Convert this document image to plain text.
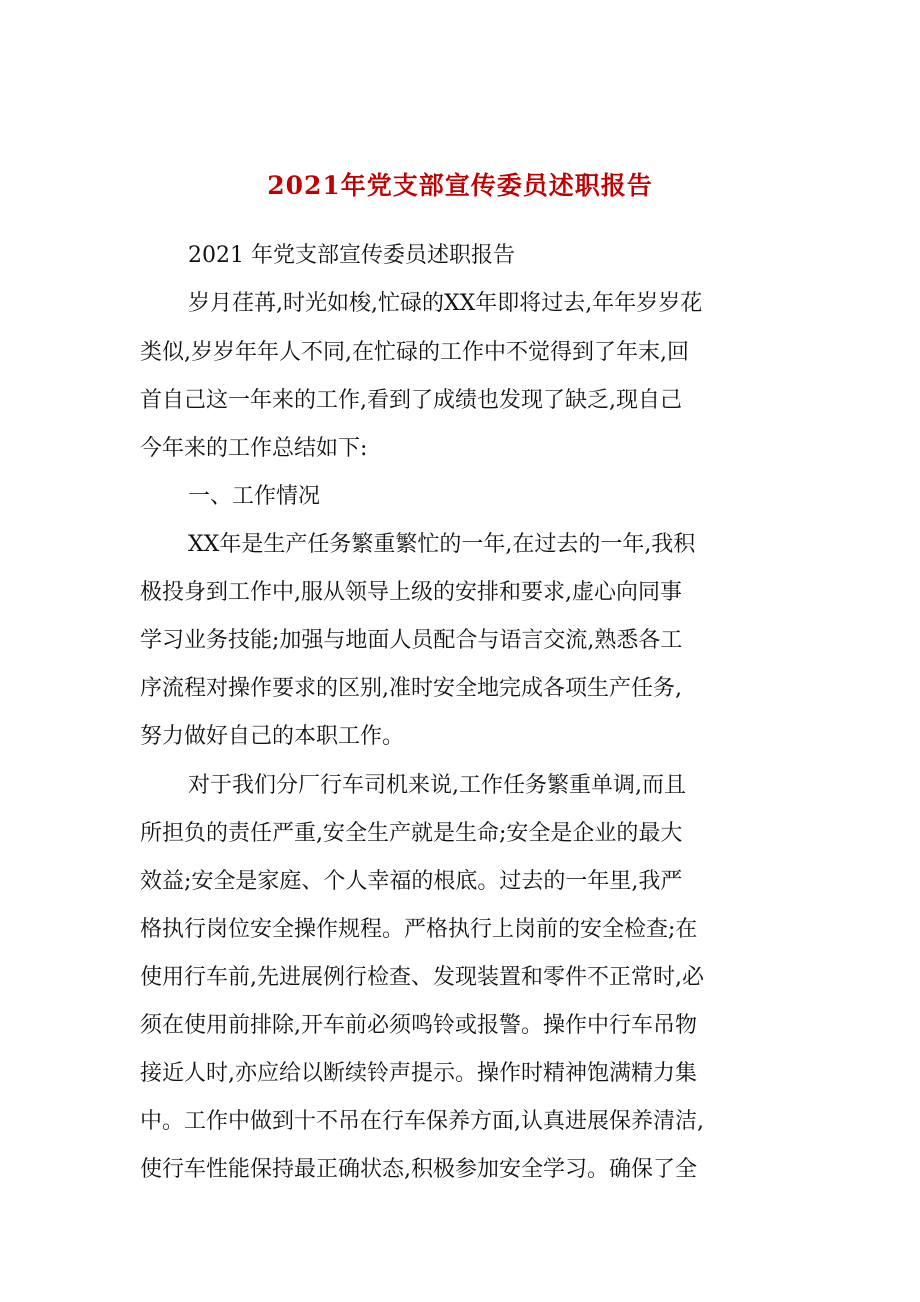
2021年党支部宣传委员述职报告
2021 年党支部宣传委员述职报告
岁月荏苒,时光如梭,忙碌的XX年即将过去,年年岁岁花
类似,岁岁年年人不同,在忙碌的工作中不觉得到了年末,回
首自己这一年来的工作,看到了成绩也发现了缺乏,现自己
今年来的工作总结如下:
一、工作情况
XX年是生产任务繁重繁忙的一年,在过去的一年,我积
极投身到工作中,服从领导上级的安排和要求,虚心向同事
学习业务技能;加强与地面人员配合与语言交流,熟悉各工
序流程对操作要求的区别,准时安全地完成各项生产任务,
努力做好自己的本职工作。
对于我们分厂行车司机来说,工作任务繁重单调,而且
所担负的责任严重,安全生产就是生命;安全是企业的最大
效益;安全是家庭、个人幸福的根底。过去的一年里,我严
格执行岗位安全操作规程。严格执行上岗前的安全检查;在
使用行车前,先进展例行检查、发现装置和零件不正常时,必
须在使用前排除,开车前必须鸣铃或报警。操作中行车吊物
接近人时,亦应给以断续铃声提示。操作时精神饱满精力集
中。工作中做到十不吊在行车保养方面,认真进展保养清洁,
使行车性能保持最正确状态,积极参加安全学习。确保了全
